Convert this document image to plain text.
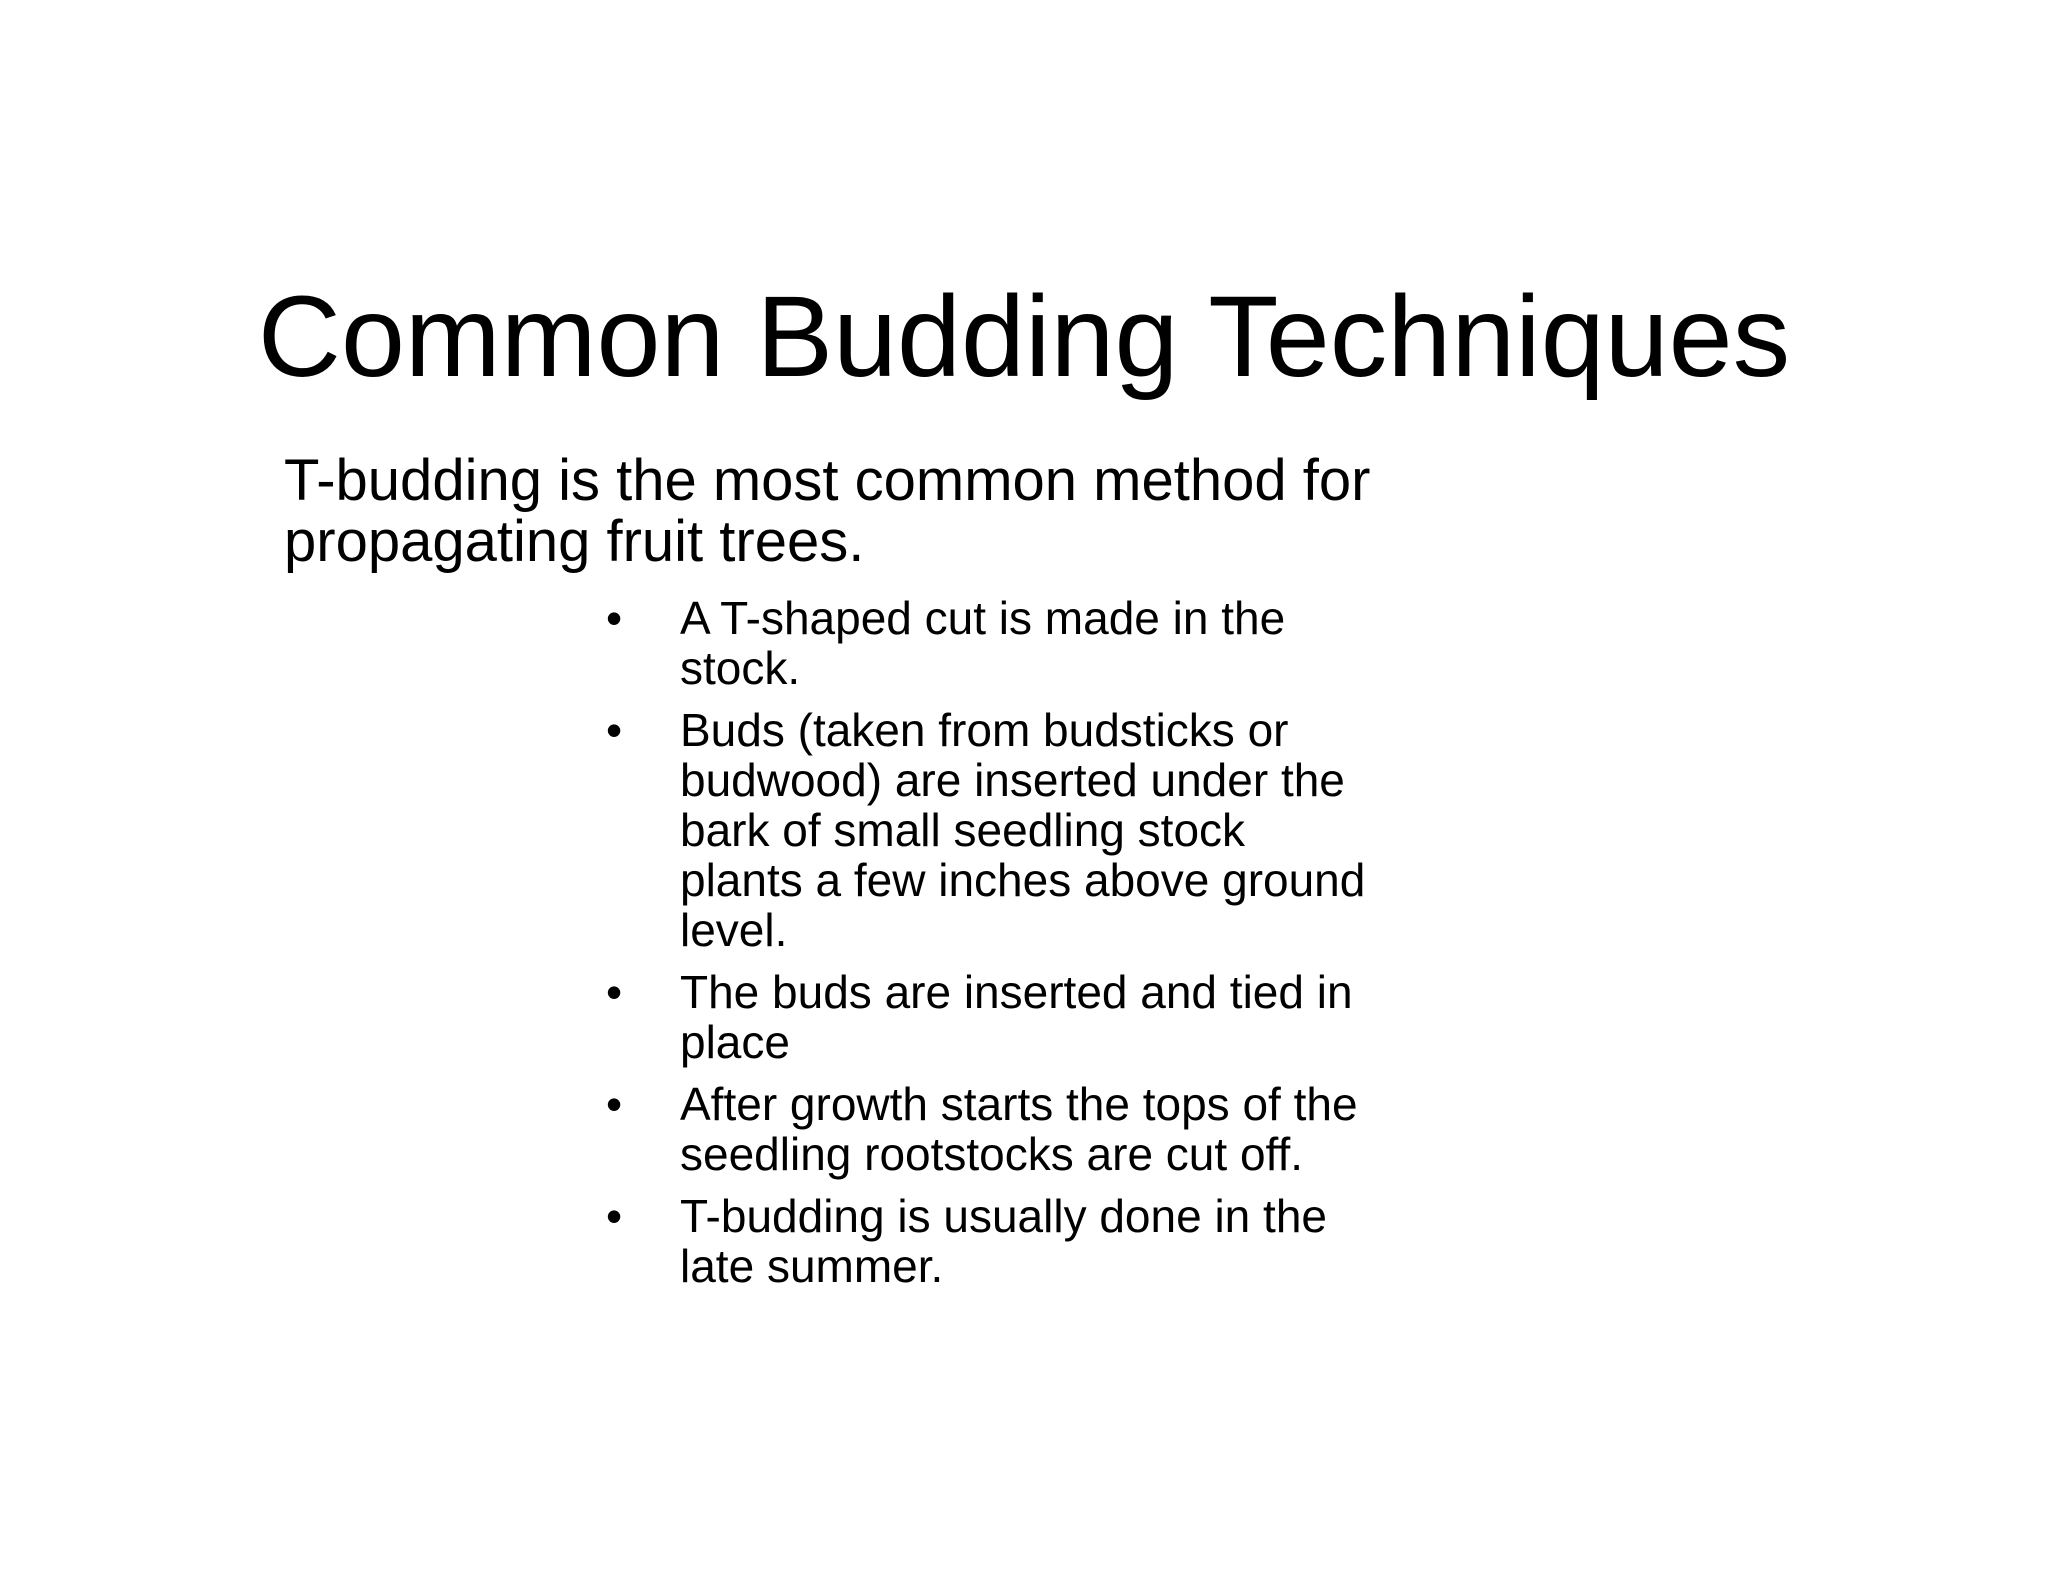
Common Budding Techniques
T-budding is the most common method for propagating fruit trees.
• A T-shaped cut is made in the stock.
• Buds (taken from budsticks or budwood) are inserted under the bark of small seedling stock plants a few inches above ground level.
• The buds are inserted and tied in place
• After growth starts the tops of the seedling rootstocks are cut off.
• T-budding is usually done in the late summer.
